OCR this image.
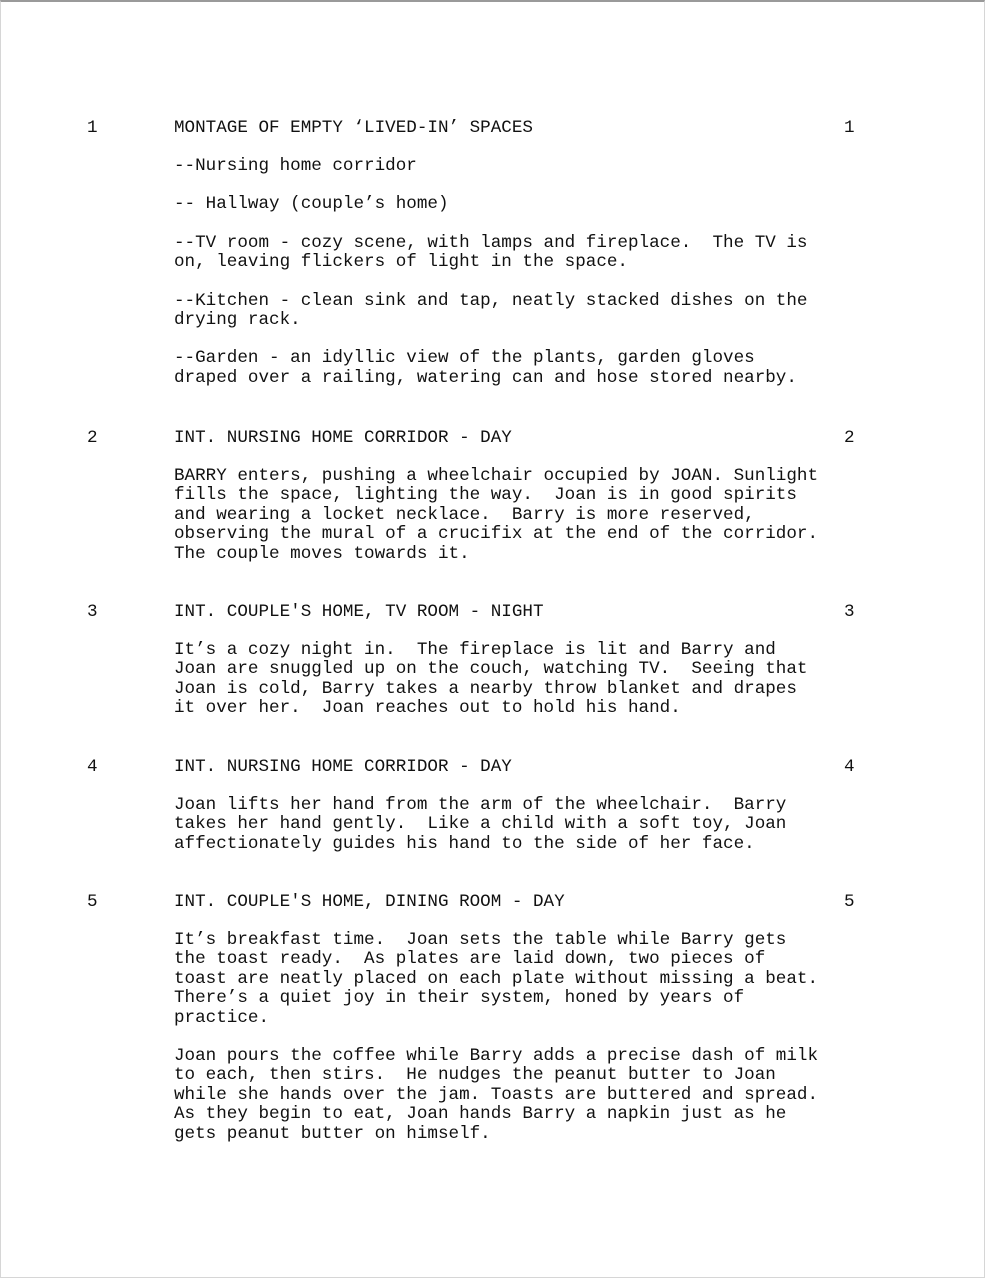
1	MONTAGE OF EMPTY ‘LIVED-IN’ SPACES	1

--Nursing home corridor

-- Hallway (couple’s home)

--TV room - cozy scene, with lamps and fireplace.  The TV is
on, leaving flickers of light in the space.

--Kitchen - clean sink and tap, neatly stacked dishes on the
drying rack.

--Garden - an idyllic view of the plants, garden gloves
draped over a railing, watering can and hose stored nearby.

2	INT. NURSING HOME CORRIDOR - DAY	2

BARRY enters, pushing a wheelchair occupied by JOAN. Sunlight
fills the space, lighting the way.  Joan is in good spirits
and wearing a locket necklace.  Barry is more reserved,
observing the mural of a crucifix at the end of the corridor.
The couple moves towards it.

3	INT. COUPLE'S HOME, TV ROOM - NIGHT	3

It’s a cozy night in.  The fireplace is lit and Barry and
Joan are snuggled up on the couch, watching TV.  Seeing that
Joan is cold, Barry takes a nearby throw blanket and drapes
it over her.  Joan reaches out to hold his hand.

4	INT. NURSING HOME CORRIDOR - DAY	4

Joan lifts her hand from the arm of the wheelchair.  Barry
takes her hand gently.  Like a child with a soft toy, Joan
affectionately guides his hand to the side of her face.

5	INT. COUPLE'S HOME, DINING ROOM - DAY	5

It’s breakfast time.  Joan sets the table while Barry gets
the toast ready.  As plates are laid down, two pieces of
toast are neatly placed on each plate without missing a beat.
There’s a quiet joy in their system, honed by years of
practice.

Joan pours the coffee while Barry adds a precise dash of milk
to each, then stirs.  He nudges the peanut butter to Joan
while she hands over the jam. Toasts are buttered and spread.
As they begin to eat, Joan hands Barry a napkin just as he
gets peanut butter on himself.
